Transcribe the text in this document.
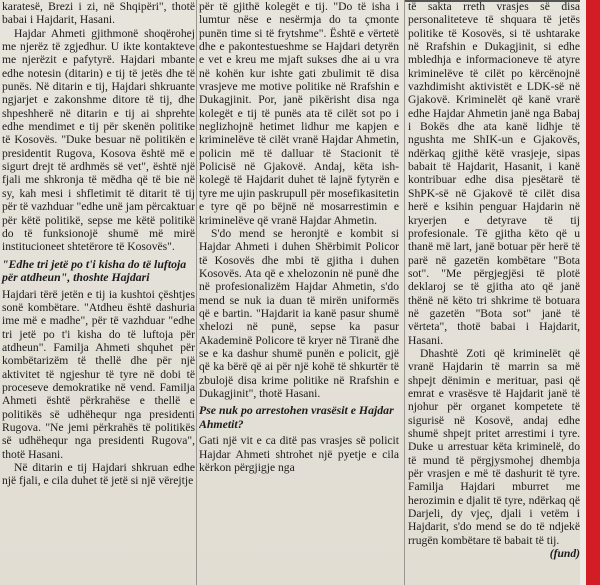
karatesë, Brezi i zi, në Shqipëri", thotë babai i Hajdarit, Hasani.

Hajdar Ahmeti gjithmonë shoqërohej me njerëz të zgjedhur. U ikte kontakteve me njerëzit e pafytyrë. Hajdari mbante edhe notesin (ditarin) e tij të jetës dhe të punës. Në ditarin e tij, Hajdari shkruante ngjarjet e zakonshme ditore të tij, dhe shpeshherë në ditarin e tij ai shprehte edhe mendimet e tij për skenën politike të Kosovës. "Duke besuar në politikën e presidentit Rugova, Kosova është më e sigurt drejt të ardhmës së vet", është një fjali me shkronja të mëdha që të bie në sy, kah mesi i shfletimit të ditarit të tij për të vazhduar "edhe unë jam përcaktuar për këtë politikë, sepse me këtë politikë do të funksionojë shumë më mirë institucioneet shtetërore të Kosovës".

"Edhe tri jetë po t'i kisha do të luftoja për atdheun", thoshte Hajdari

Hajdari tërë jetën e tij ia kushtoi çështjes sonë kombëtare. "Atdheu është dashuria ime më e madhe", për të vazhduar "edhe tri jetë po t'i kisha do të luftoja për atdheun". Familja Ahmeti shquhet për kombëtarizëm të thellë dhe për një aktivitet të ngjeshur të tyre në dobi të proceseve demokratike në vend. Familja Ahmeti është përkrahëse e thellë e politikës së udhëhequr nga presidenti Rugova. "Ne jemi përkrahës të politikës së udhëhequr nga presidenti Rugova", thotë Hasani.

Në ditarin e tij Hajdari shkruan edhe një fjali, e cila duhet të jetë si një vërejtje

për të gjithë kolegët e tij. "Do të isha i lumtur nëse e nesërmja do ta çmonte punën time si të frytshme". Është e vërtetë dhe e pakontestueshme se Hajdari detyrën e vet e kreu me mjaft sukses dhe ai u vra në kohën kur ishte gati zbulimit të disa vrasjeve me motive politike në Rrafshin e Dukagjinit. Por, janë pikërisht disa nga kolegët e tij të punës ata të cilët sot po i neglizhojnë hetimet lidhur me kapjen e kriminelëve të cilët vranë Hajdar Ahmetin, policin më të dalluar të Stacionit të Policisë në Gjakovë. Andaj, këta ish-kolegë të Hajdarit duhet të lajnë fytyrën e tyre me ujin paskrupull për mosefikasitetin e tyre që po bëjnë në mosarrestimin e kriminelëve që vranë Hajdar Ahmetin.

S'do mend se heronjtë e kombit si Hajdar Ahmeti i duhen Shërbimit Policor të Kosovës dhe mbi të gjitha i duhen Kosovës. Ata që e xhelozonin në punë dhe në profesionalizëm Hajdar Ahmetin, s'do mend se nuk ia duan të mirën uniformës që e bartin. "Hajdarit ia kanë pasur shumë xhelozi në punë, sepse ka pasur Akademinë Policore të kryer në Tiranë dhe se e ka dashur shumë punën e policit, gjë që ka bërë që ai për një kohë të shkurtër të zbulojë disa krime politike në Rrafshin e Dukagjinit", thotë Hasani.

Pse nuk po arrestohen vrasësit e Hajdar Ahmetit?

Gati një vit e ca ditë pas vrasjes së policit Hajdar Ahmeti shtrohet një pyetje e cila kërkon përgjigje nga

të sakta rreth vrasjes së disa personaliteteve të shquara të jetës politike të Kosovës, si të ushtarake në Rrafshin e Dukagjinit, si edhe mbledhja e informacioneve të atyre kriminelëve të cilët po kërcënojnë vazhdimisht aktivistët e LDK-së në Gjakovë. Kriminelët që kanë vrarë edhe Hajdar Ahmetin janë nga Babaj i Bokës dhe ata kanë lidhje të ngushta me ShIK-un e Gjakovës, ndërkaq gjithë këtë vrasjeje, sipas babait të Hajdarit, Hasanit, i kanë kontribuar edhe disa pjesëtarë të ShPK-së në Gjakovë të cilët disa herë e ksihin penguar Hajdarin në kryerjen e detyrave të tij profesionale. Të gjitha këto që u thanë më lart, janë botuar për herë të parë në gazetën kombëtare "Bota sot". "Me përgjegjësi të plotë deklaroj se të gjitha ato që janë thënë në këto tri shkrime të botuara në gazetën "Bota sot" janë të vërteta", thotë babai i Hajdarit, Hasani.

Dhashtë Zoti që kriminelët që vranë Hajdarin të marrin sa më shpejt dënimin e merituar, pasi që emrat e vrasësve të Hajdarit janë të njohur për organet kompetete të sigurisë në Kosovë, andaj edhe shumë shpejt pritet arrestimi i tyre. Duke u arrestuar këta kriminelë, do të mund të përgjysmohej dhembja për vrasjen e më të dashurit të tyre. Familja Hajdari mburret me herozimin e djalit të tyre, ndërkaq që Darjeli, dy vjeç, djali i vetëm i Hajdarit, s'do mend se do të ndjekë rrugën kombëtare të babait të tij.

(fund)
